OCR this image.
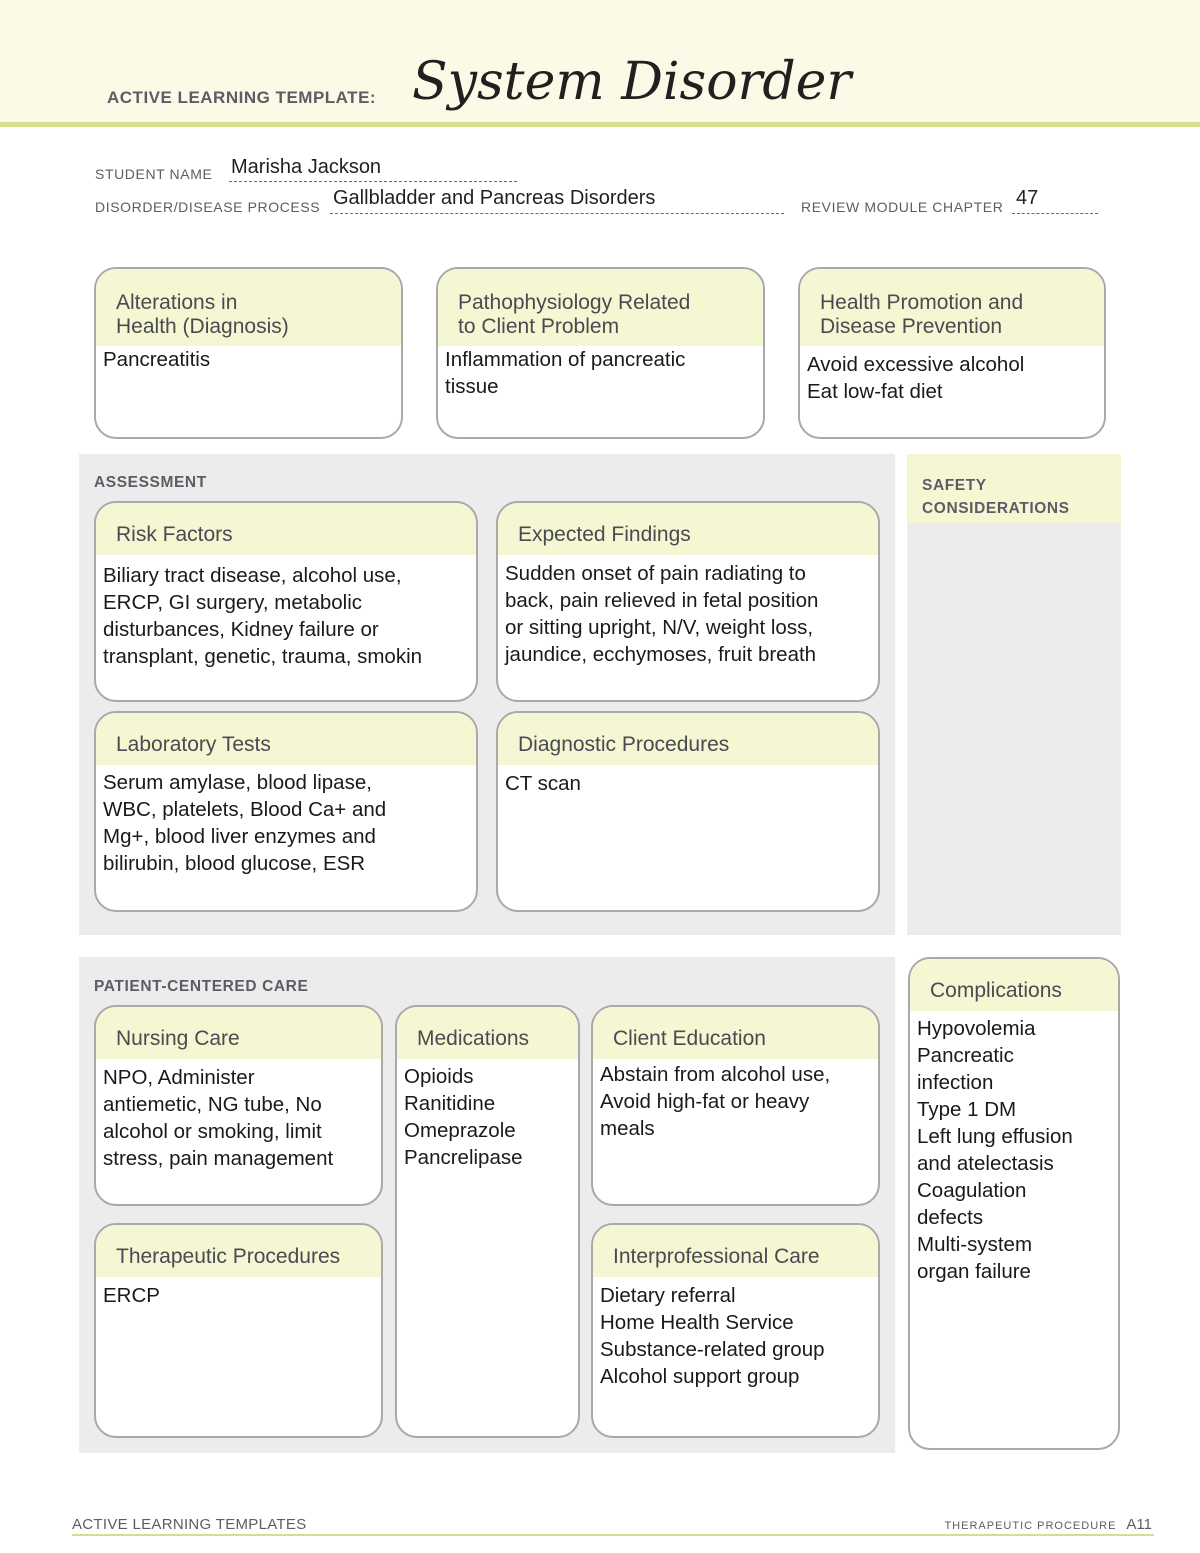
ACTIVE LEARNING TEMPLATE: System Disorder
STUDENT NAME Marisha Jackson
DISORDER/DISEASE PROCESS Gallbladder and Pancreas Disorders	REVIEW MODULE CHAPTER 47
Alterations in
Health (Diagnosis)
Pancreatitis
Pathophysiology Related
to Client Problem
Inflammation of pancreatic
tissue
Health Promotion and
Disease Prevention
Avoid excessive alcohol
Eat low-fat diet
ASSESSMENT
Risk Factors
Biliary tract disease, alcohol use,
ERCP, GI surgery, metabolic
disturbances, Kidney failure or
transplant, genetic, trauma, smokin
Expected Findings
Sudden onset of pain radiating to
back, pain relieved in fetal position
or sitting upright, N/V, weight loss,
jaundice, ecchymoses, fruit breath
Laboratory Tests
Serum amylase, blood lipase,
WBC, platelets, Blood Ca+ and
Mg+, blood liver enzymes and
bilirubin, blood glucose, ESR
Diagnostic Procedures
CT scan
SAFETY
CONSIDERATIONS
PATIENT-CENTERED CARE
Nursing Care
NPO, Administer
antiemetic, NG tube, No
alcohol or smoking, limit
stress, pain management
Medications
Opioids
Ranitidine
Omeprazole
Pancrelipase
Client Education
Abstain from alcohol use,
Avoid high-fat or heavy
meals
Therapeutic Procedures
ERCP
Interprofessional Care
Dietary referral
Home Health Service
Substance-related group
Alcohol support group
Complications
Hypovolemia
Pancreatic
infection
Type 1 DM
Left lung effusion
and atelectasis
Coagulation
defects
Multi-system
organ failure
ACTIVE LEARNING TEMPLATES	THERAPEUTIC PROCEDURE A11
